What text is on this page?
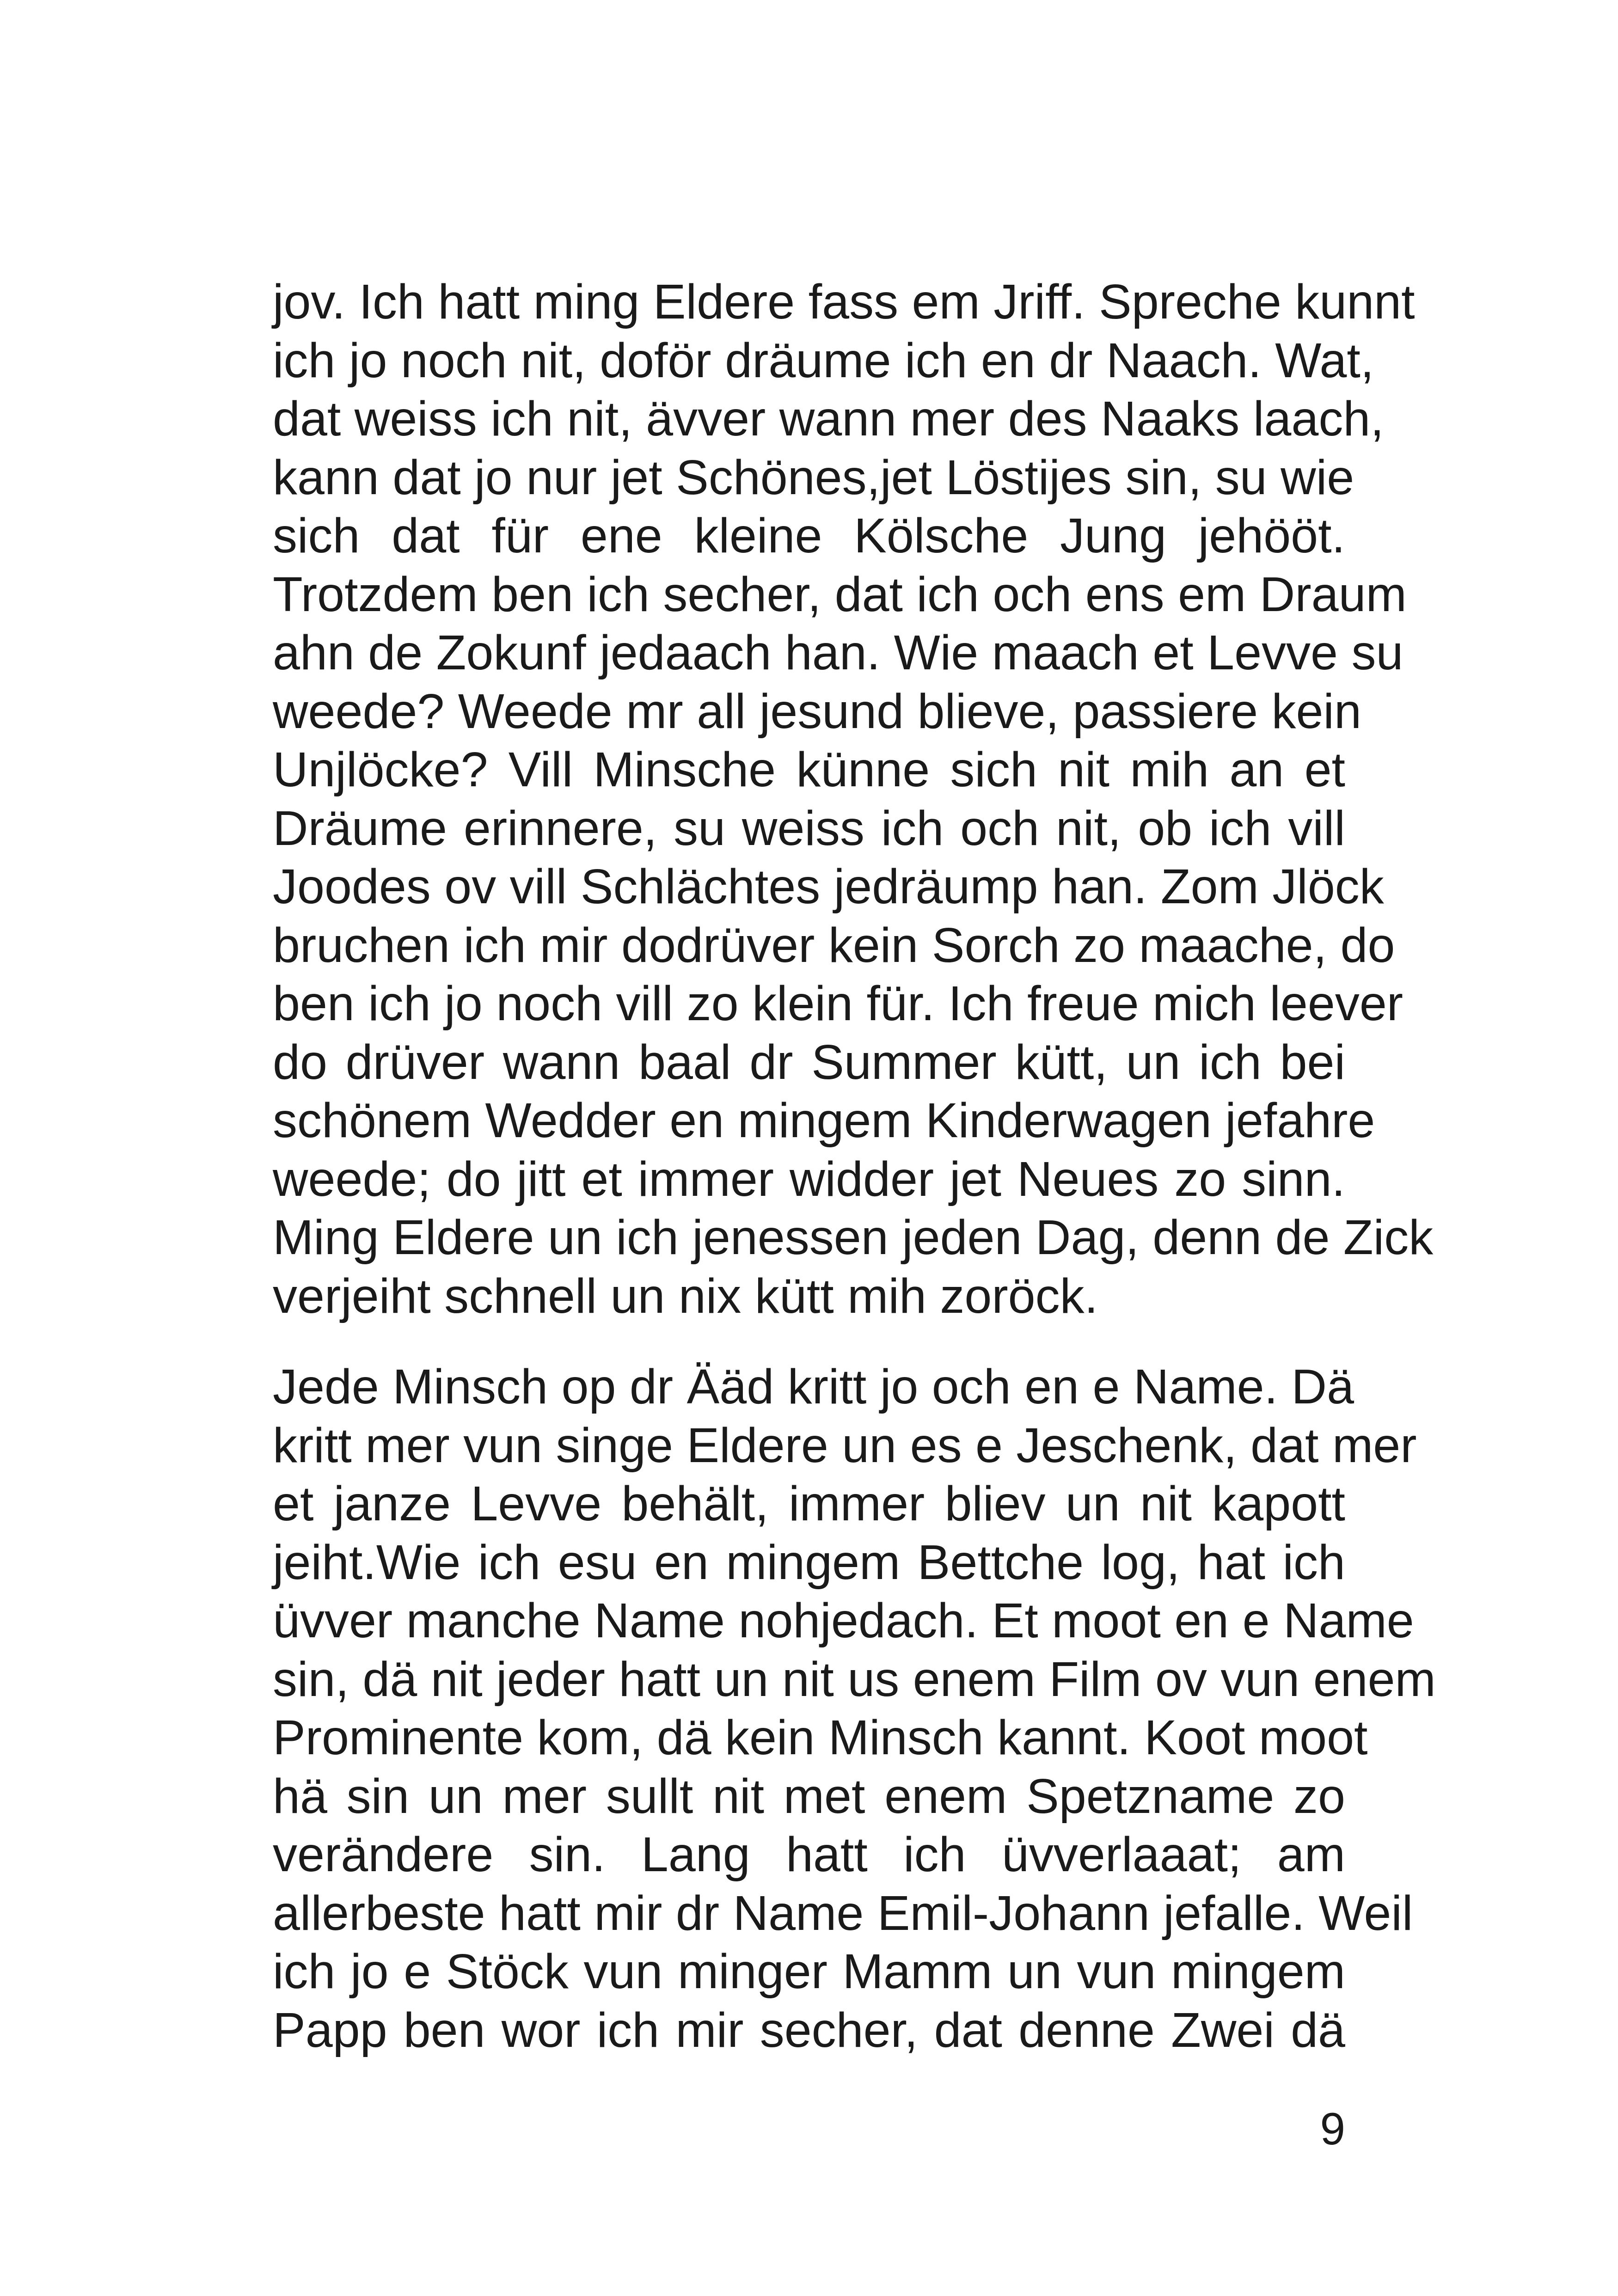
jov. Ich hatt ming Eldere fass em Jriff. Spreche kunnt
ich jo noch nit, doför dräume ich en dr Naach. Wat,
dat weiss ich nit, ävver wann mer des Naaks laach,
kann dat jo nur jet Schönes,jet Löstijes sin, su wie
sich dat für ene kleine Kölsche Jung jehööt.
Trotzdem ben ich secher, dat ich och ens em Draum
ahn de Zokunf jedaach han. Wie maach et Levve su
weede? Weede mr all jesund blieve, passiere kein
Unjlöcke? Vill Minsche künne sich nit mih an et
Dräume erinnere, su weiss ich och nit, ob ich vill
Joodes ov vill Schlächtes jedräump han. Zom Jlöck
bruchen ich mir dodrüver kein Sorch zo maache, do
ben ich jo noch vill zo klein für. Ich freue mich leever
do drüver wann baal dr Summer kütt, un ich bei
schönem Wedder en mingem Kinderwagen jefahre
weede; do jitt et immer widder jet Neues zo sinn.
Ming Eldere un ich jenessen jeden Dag, denn de Zick
verjeiht schnell un nix kütt mih zoröck.

Jede Minsch op dr Ääd kritt jo och en e Name. Dä
kritt mer vun singe Eldere un es e Jeschenk, dat mer
et janze Levve behält, immer bliev un nit kapott
jeiht.Wie ich esu en mingem Bettche log, hat ich
üvver manche Name nohjedach. Et moot en e Name
sin, dä nit jeder hatt un nit us enem Film ov vun enem
Prominente kom, dä kein Minsch kannt. Koot moot
hä sin un mer sullt nit met enem Spetzname zo
verändere sin. Lang hatt ich üvverlaaat; am
allerbeste hatt mir dr Name Emil-Johann jefalle. Weil
ich jo e Stöck vun minger Mamm un vun mingem
Papp ben wor ich mir secher, dat denne Zwei dä

9
